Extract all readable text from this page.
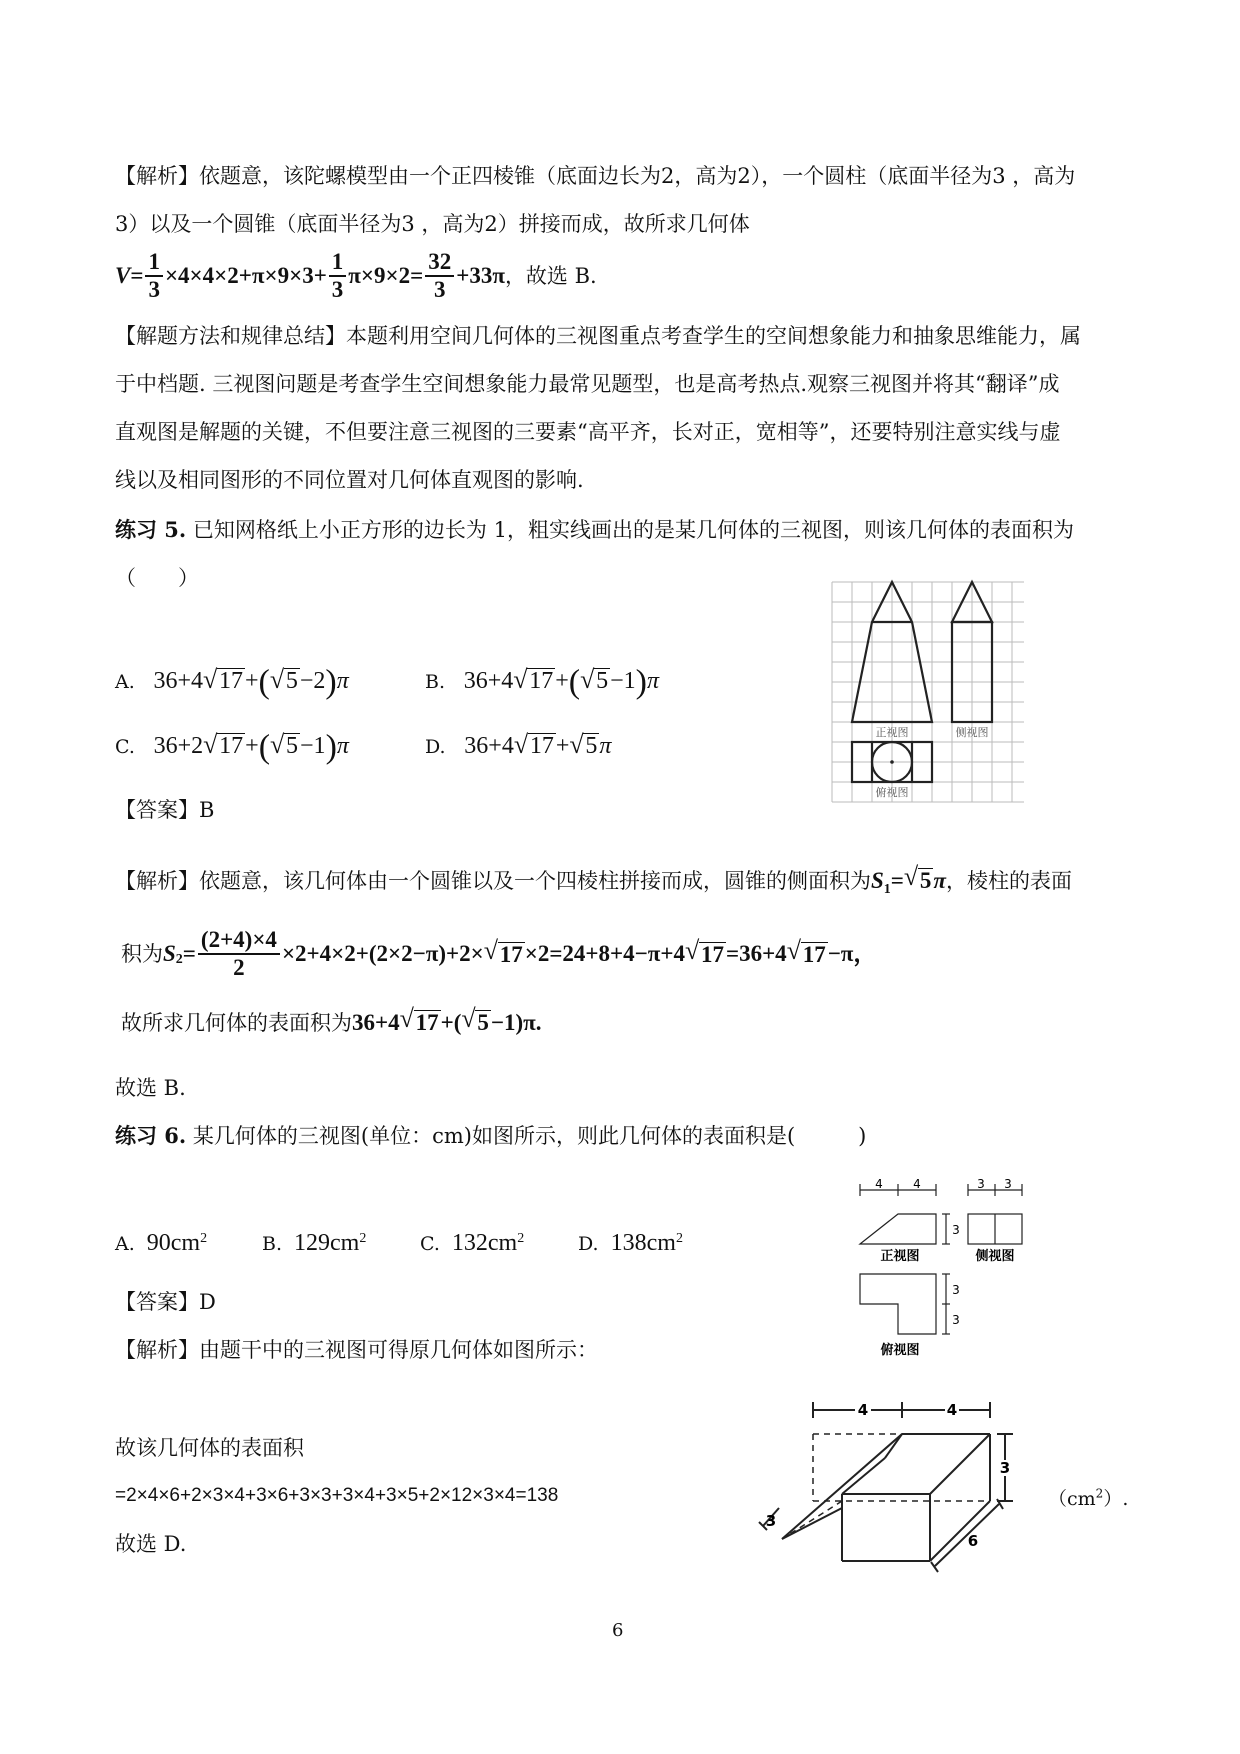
【解析】依题意，该陀螺模型由一个正四棱锥（底面边长为2，高为2），一个圆柱（底面半径为3 ，高为
3）以及一个圆锥（底面半径为3 ，高为2）拼接而成，故所求几何体
$V = \frac{1}{3} \times 4\times 4\times 2+\pi\times 9\times 3+ \frac{1}{3} \pi\times 9\times 2= \frac{32}{3} +33\pi$ ，故选 B.
【解题方法和规律总结】本题利用空间几何体的三视图重点考查学生的空间想象能力和抽象思维能力，属
于中档题. 三视图问题是考查学生空间想象能力最常见题型，也是高考热点.观察三视图并将其“翻译”成
直观图是解题的关键，不但要注意三视图的三要素“高平齐，长对正，宽相等”，还要特别注意实线与虚
线以及相同图形的不同位置对几何体直观图的影响.
练习 5. 已知网格纸上小正方形的边长为 1，粗实线画出的是某几何体的三视图，则该几何体的表面积为
（　　）
正视图	侧视图
俯视图
A. 36+4√ 17+(√ 5−2)π	B. 36+4√ 17+(√ 5−1)π
C. 36+2√ 17+(√ 5−1)π	D. 36+4√ 17+√ 5π
【答案】B
【解析】依题意，该几何体由一个圆锥以及一个四棱柱拼接而成，圆锥的侧面积为$S_1=√$ 5π，棱柱的表面
积为 $S_2 = \frac{(2+4)\times 4}{2} \times 2+4\times 2+(2\times 2-\pi)+2\times$
√ 17 ×2=24+8+4−π+4
√ 17 =36+4
√ 17 −π，
故所求几何体的表面积为36+4√ 17+(√ 5−1)π.
故选 B.
练习 6. 某几何体的三视图(单位：cm)如图所示，则此几何体的表面积是(　　　)
4	4
3
3 3
3
3
正视图	侧视图
俯视图
A. $90cm^2$	B. $129cm^2$	C. $132cm^2$	D. $138cm^2$
【答案】D
【解析】由题干中的三视图可得原几何体如图所示：
4	4
3
3
6
故该几何体的表面积
=2×4×6+2×3×4+3×6+3×3+3×4+3×5+2×12×3×4=138	$(cm^2)$.
故选 D.
6
